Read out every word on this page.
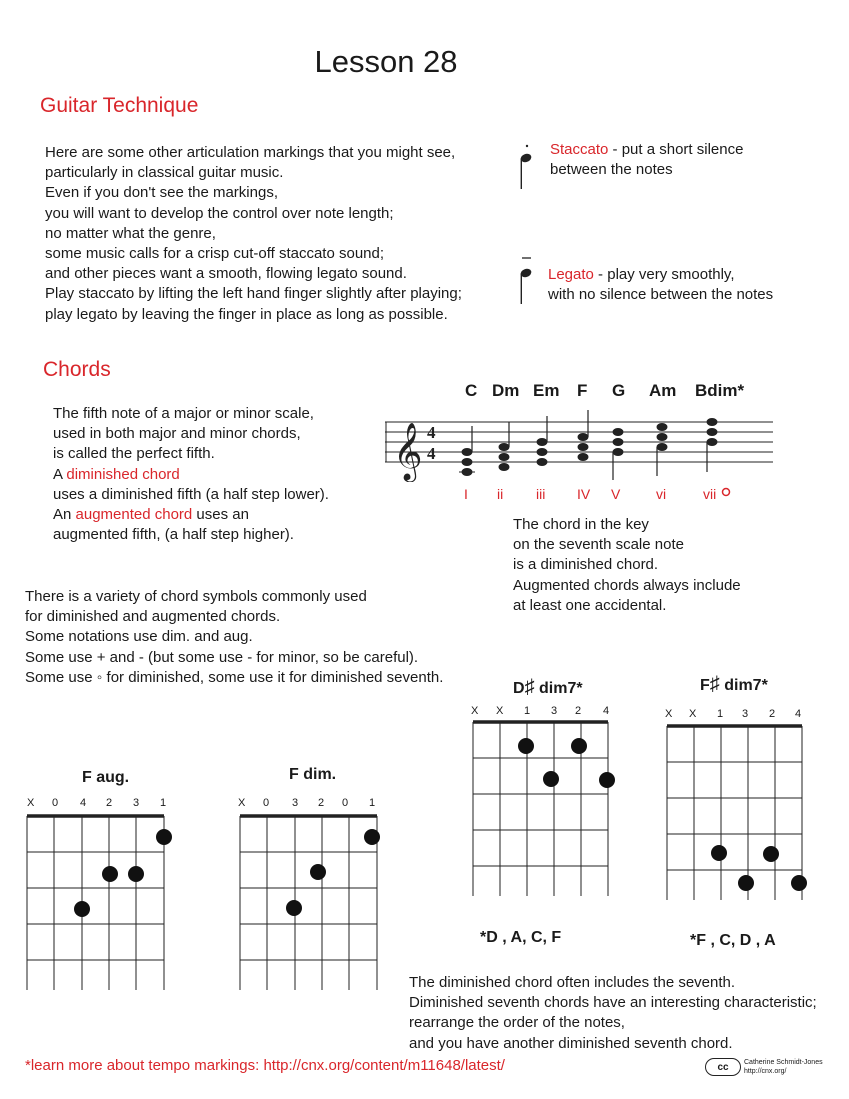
Lesson 28
Guitar Technique
Here are some other articulation markings that you might see,
particularly in classical guitar music.
Even if you don't see the markings,
you will want to develop the control over note length;
no matter what the genre,
some music calls for a crisp cut-off staccato sound;
and other pieces want a smooth, flowing legato sound.
Play staccato by lifting the left hand finger slightly after playing;
play legato by leaving the finger in place as long as possible.
Staccato - put a short silence
between the notes
Legato - play very smoothly,
with no silence between the notes
Chords
The fifth note of a major or minor scale,
used in both major and minor chords,
is called the perfect fifth.
A diminished chord
uses a diminished fifth (a half step lower).
An augmented chord uses an
augmented fifth, (a half step higher).
C Dm Em F G Am Bdim*
𝄞 4
4
I ii iii IV V	vi	vii
The chord in the key
on the seventh scale note
is a diminished chord.
Augmented chords always include
at least one accidental.
There is a variety of chord symbols commonly used
for diminished and augmented chords.
Some notations use dim. and aug.
Some use + and - (but some use - for minor, so be careful).
Some use ◦ for diminished, some use it for diminished seventh.
F aug.
X 0 4 2 3 1
F dim.
X 0 3 2 0 1
D♯ dim7*
X X 1 3 2 4
*D , A, C, F
F♯ dim7*
X X 1 3 2 4
*F , C, D , A
The diminished chord often includes the seventh.
Diminished seventh chords have an interesting characteristic;
rearrange the order of the notes,
and you have another diminished seventh chord.
*learn more about tempo markings: http://cnx.org/content/m11648/latest/	cc	Catherine Schmidt-Jones
http://cnx.org/
